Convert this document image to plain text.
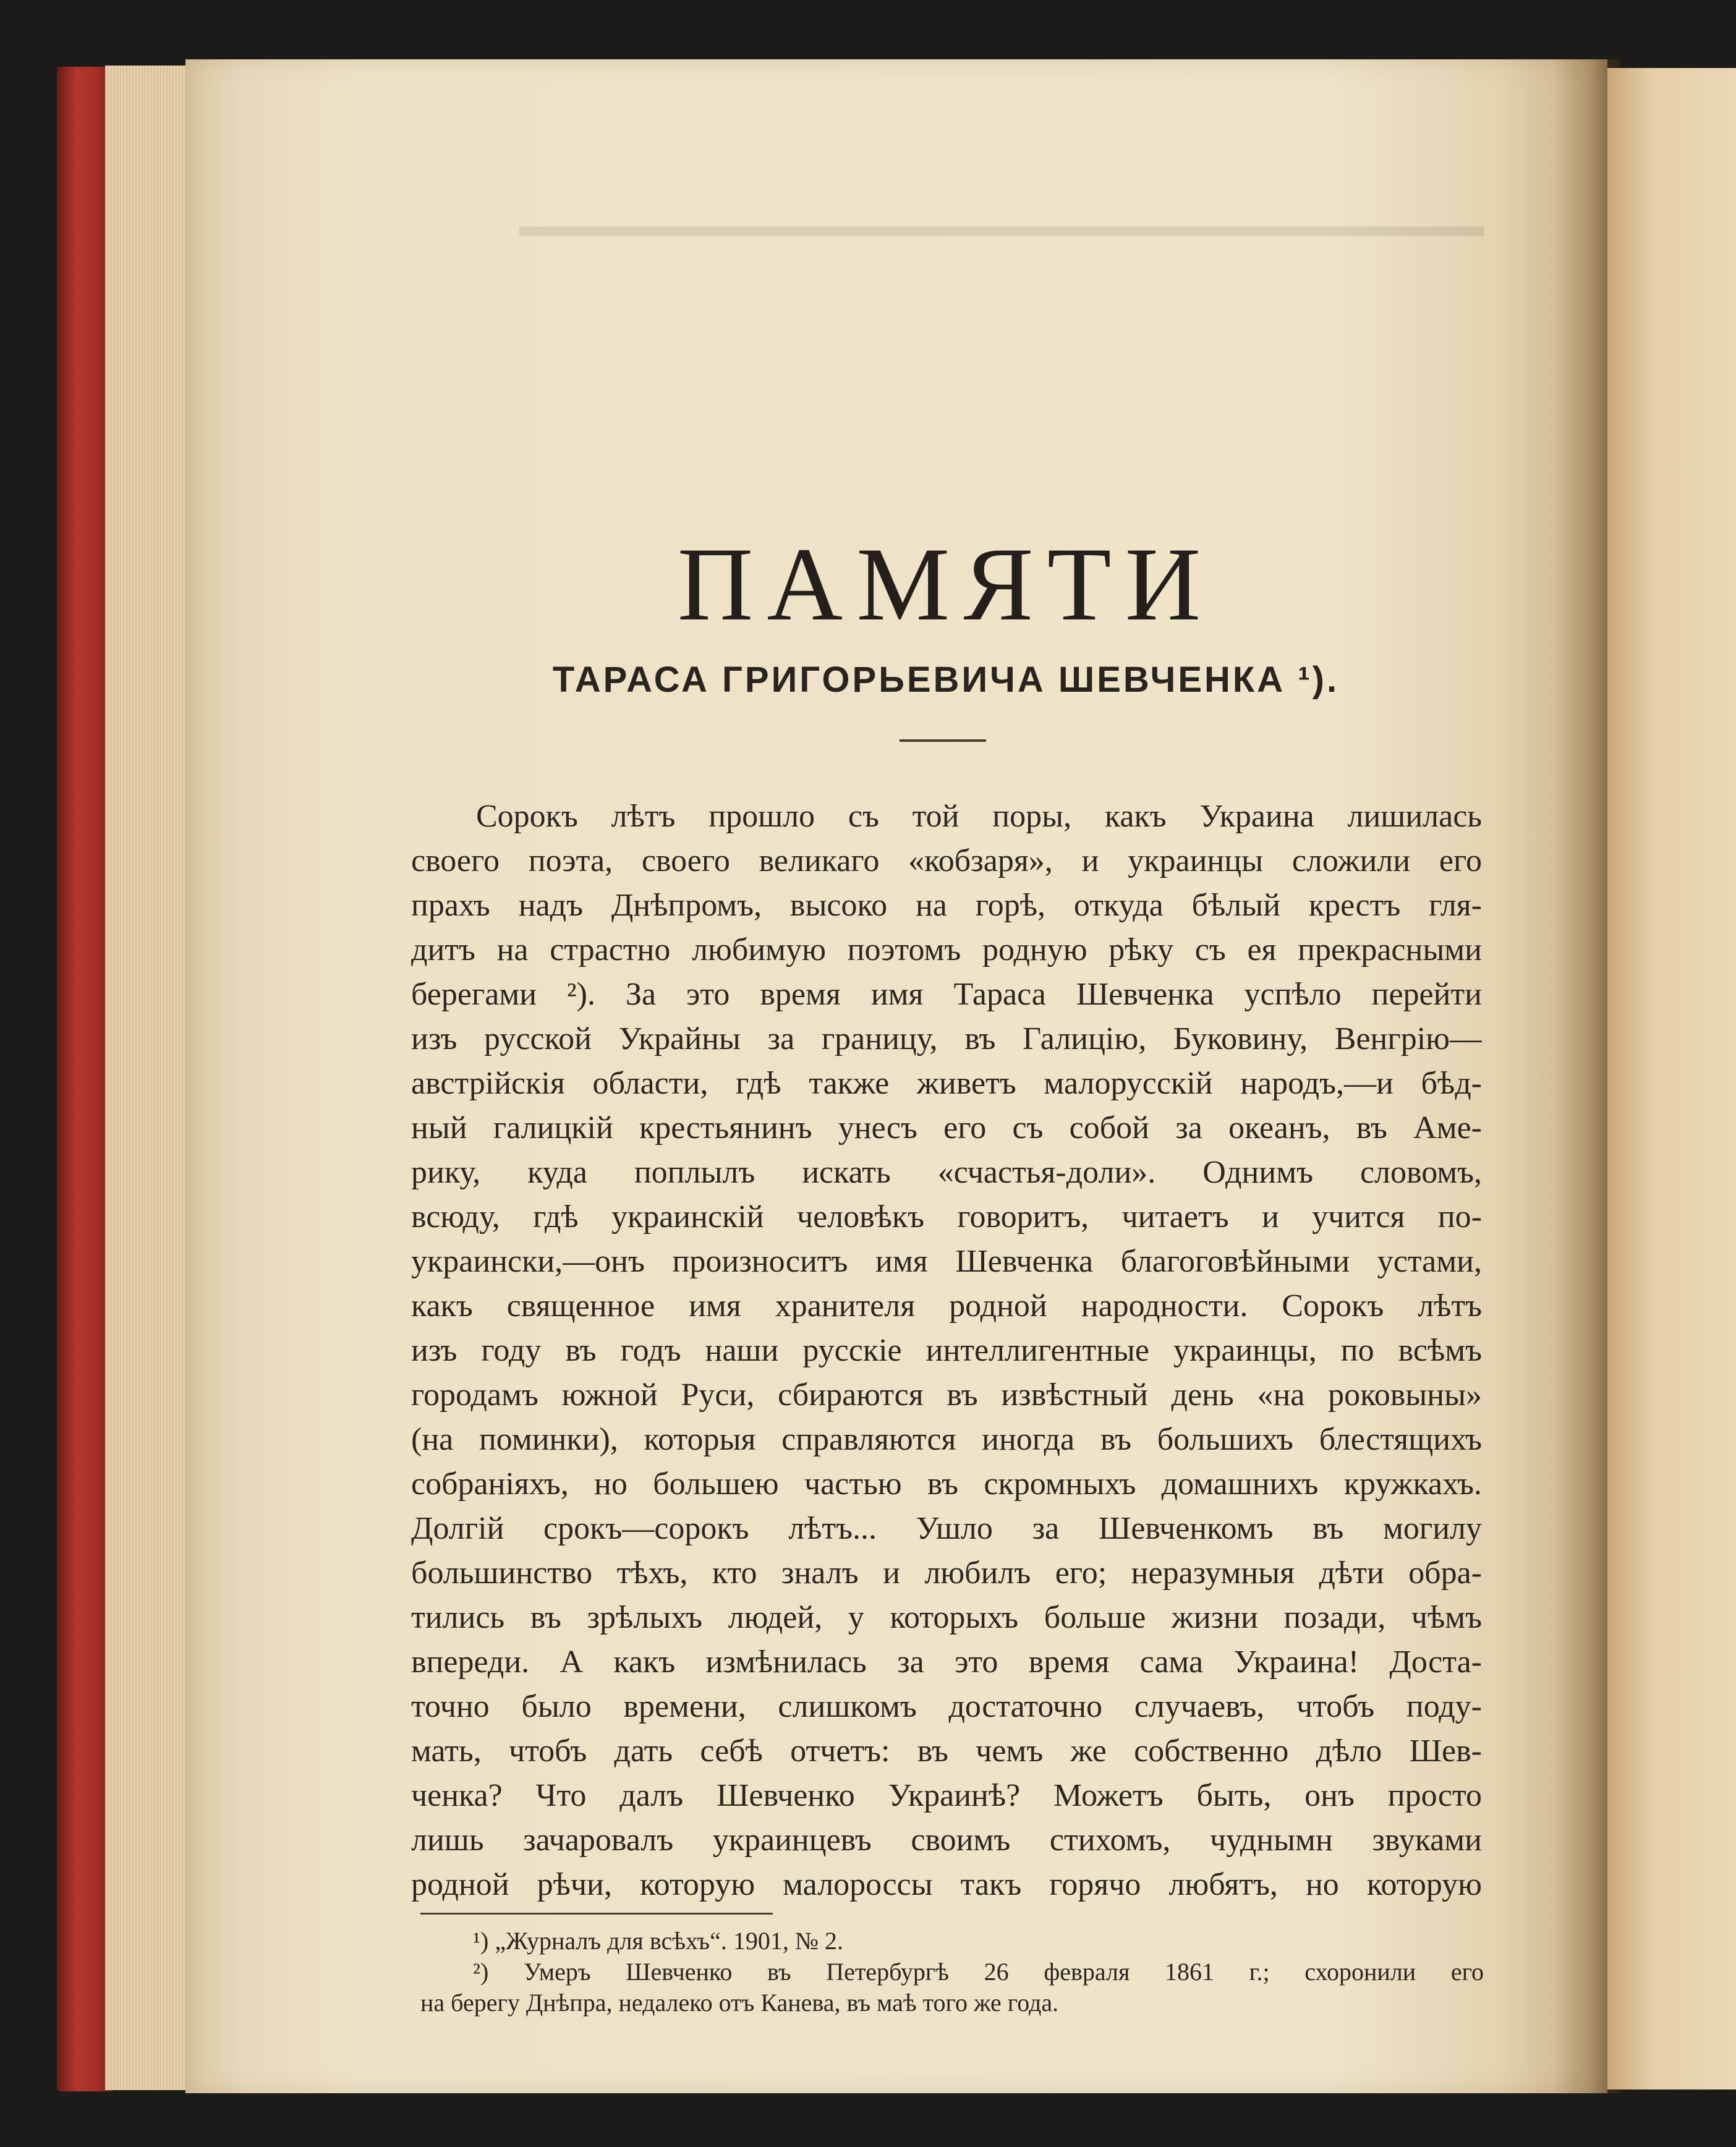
▬▬▬▬▬▬▬▬▬▬▬▬▬▬▬▬▬▬▬▬▬▬▬▬▬▬▬▬▬▬
ПАМЯТИ
ТАРАСА ГРИГОРЬЕВИЧА ШЕВЧЕНКА ¹).
Сорокъ лѣтъ прошло съ той поры, какъ Украина лишилась
своего поэта, своего великаго «кобзаря», и украинцы сложили его
прахъ надъ Днѣпромъ, высоко на горѣ, откуда бѣлый крестъ гля-
дитъ на страстно любимую поэтомъ родную рѣку съ ея прекрасными
берегами ²). За это время имя Тараса Шевченка успѣло перейти
изъ русской Украйны за границу, въ Галицію, Буковину, Венгрію—
австрійскія области, гдѣ также живетъ малорусскій народъ,—и бѣд-
ный галицкій крестьянинъ унесъ его съ собой за океанъ, въ Аме-
рику, куда поплылъ искать «счастья-доли». Однимъ словомъ,
всюду, гдѣ украинскій человѣкъ говоритъ, читаетъ и учится по-
украински,—онъ произноситъ имя Шевченка благоговѣйными устами,
какъ священное имя хранителя родной народности. Сорокъ лѣтъ
изъ году въ годъ наши русскіе интеллигентные украинцы, по всѣмъ
городамъ южной Руси, сбираются въ извѣстный день «на роковыны»
(на поминки), которыя справляются иногда въ большихъ блестящихъ
собраніяхъ, но большею частью въ скромныхъ домашнихъ кружкахъ.
Долгій срокъ—сорокъ лѣтъ... Ушло за Шевченкомъ въ могилу
большинство тѣхъ, кто зналъ и любилъ его; неразумныя дѣти обра-
тились въ зрѣлыхъ людей, у которыхъ больше жизни позади, чѣмъ
впереди. А какъ измѣнилась за это время сама Украина! Доста-
точно было времени, слишкомъ достаточно случаевъ, чтобъ поду-
мать, чтобъ дать себѣ отчетъ: въ чемъ же собственно дѣло Шев-
ченка? Что далъ Шевченко Украинѣ? Можетъ быть, онъ просто
лишь зачаровалъ украинцевъ своимъ стихомъ, чуднымн звуками
родной рѣчи, которую малороссы такъ горячо любятъ, но которую
¹) „Журналъ для всѣхъ“. 1901, № 2.
²) Умеръ Шевченко въ Петербургѣ 26 февраля 1861 г.; схоронили его
на берегу Днѣпра, недалеко отъ Канева, въ маѣ того же года.
